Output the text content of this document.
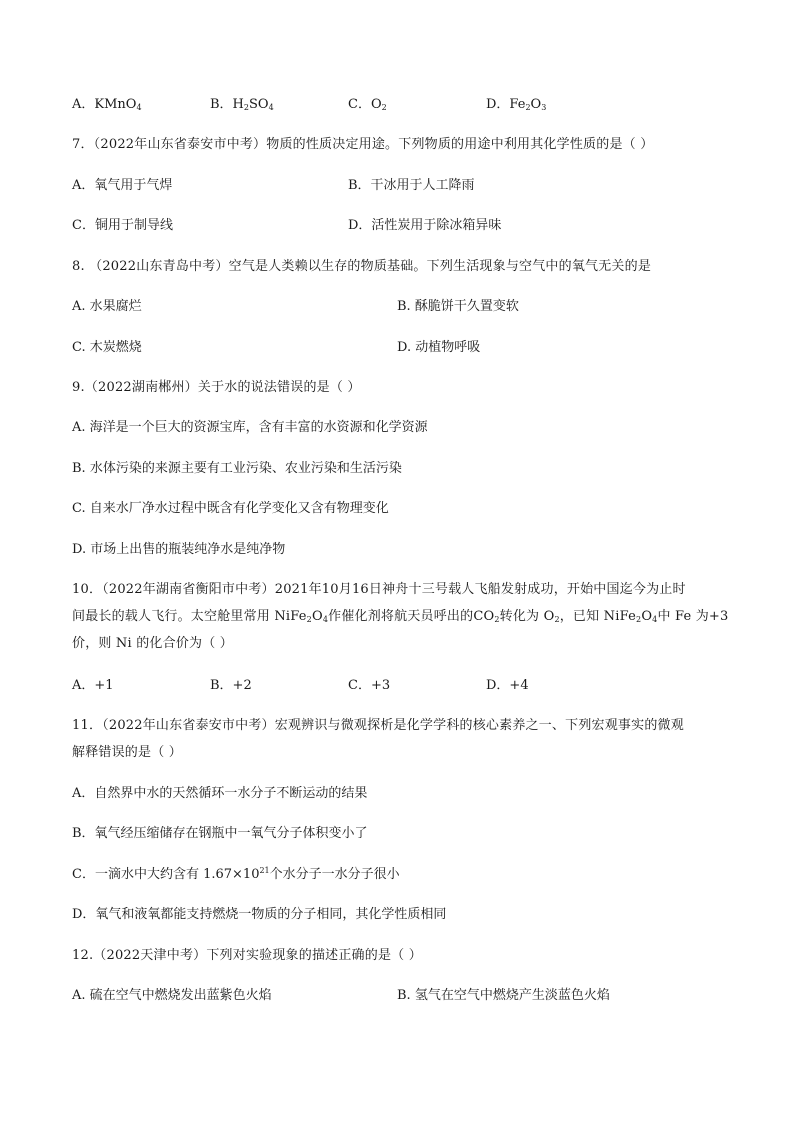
A．KMnO$_4$	B．$H_2SO_4$	C．$O_2$	D．$Fe_2O_3$
7．（2022年山东省泰安市中考）物质的性质决定用途。下列物质的用途中利用其化学性质的是（ ）
A．氧气用于气焊	B．干冰用于人工降雨
C．铜用于制导线	D．活性炭用于除冰箱异味
8. （2022山东青岛中考）空气是人类赖以生存的物质基础。下列生活现象与空气中的氧气无关的是
A. 水果腐烂	B. 酥脆饼干久置变软
C. 木炭燃烧	D. 动植物呼吸
9.（2022湖南郴州）关于水的说法错误的是（ ）
A. 海洋是一个巨大的资源宝库，含有丰富的水资源和化学资源
B. 水体污染的来源主要有工业污染、农业污染和生活污染
C. 自来水厂净水过程中既含有化学变化又含有物理变化
D. 市场上出售的瓶装纯净水是纯净物
10．（2022年湖南省衡阳市中考）2021年10月16日神舟十三号载人飞船发射成功，开始中国迄今为止时
间最长的载人飞行。太空舱里常用 $NiFe_2O_4$作催化剂将航天员呼出的$CO_2$转化为 $O_2$，已知 $NiFe_2O_4$中 Fe 为+3
价，则 Ni 的化合价为（ ）
A．+1	B．+2	C．+3	D．+4
11．（2022年山东省泰安市中考）宏观辨识与微观探析是化学学科的核心素养之一、下列宏观事实的微观
解释错误的是（ ）
A．自然界中水的天然循环一水分子不断运动的结果
B．氧气经压缩储存在钢瓶中一氧气分子体积变小了
C．一滴水中大约含有 $1.67\times 10^{21}$个水分子一水分子很小
D．氧气和液氧都能支持燃烧一物质的分子相同，其化学性质相同
12.（2022天津中考）下列对实验现象的描述正确的是（ ）
A. 硫在空气中燃烧发出蓝紫色火焰	B. 氢气在空气中燃烧产生淡蓝色火焰
